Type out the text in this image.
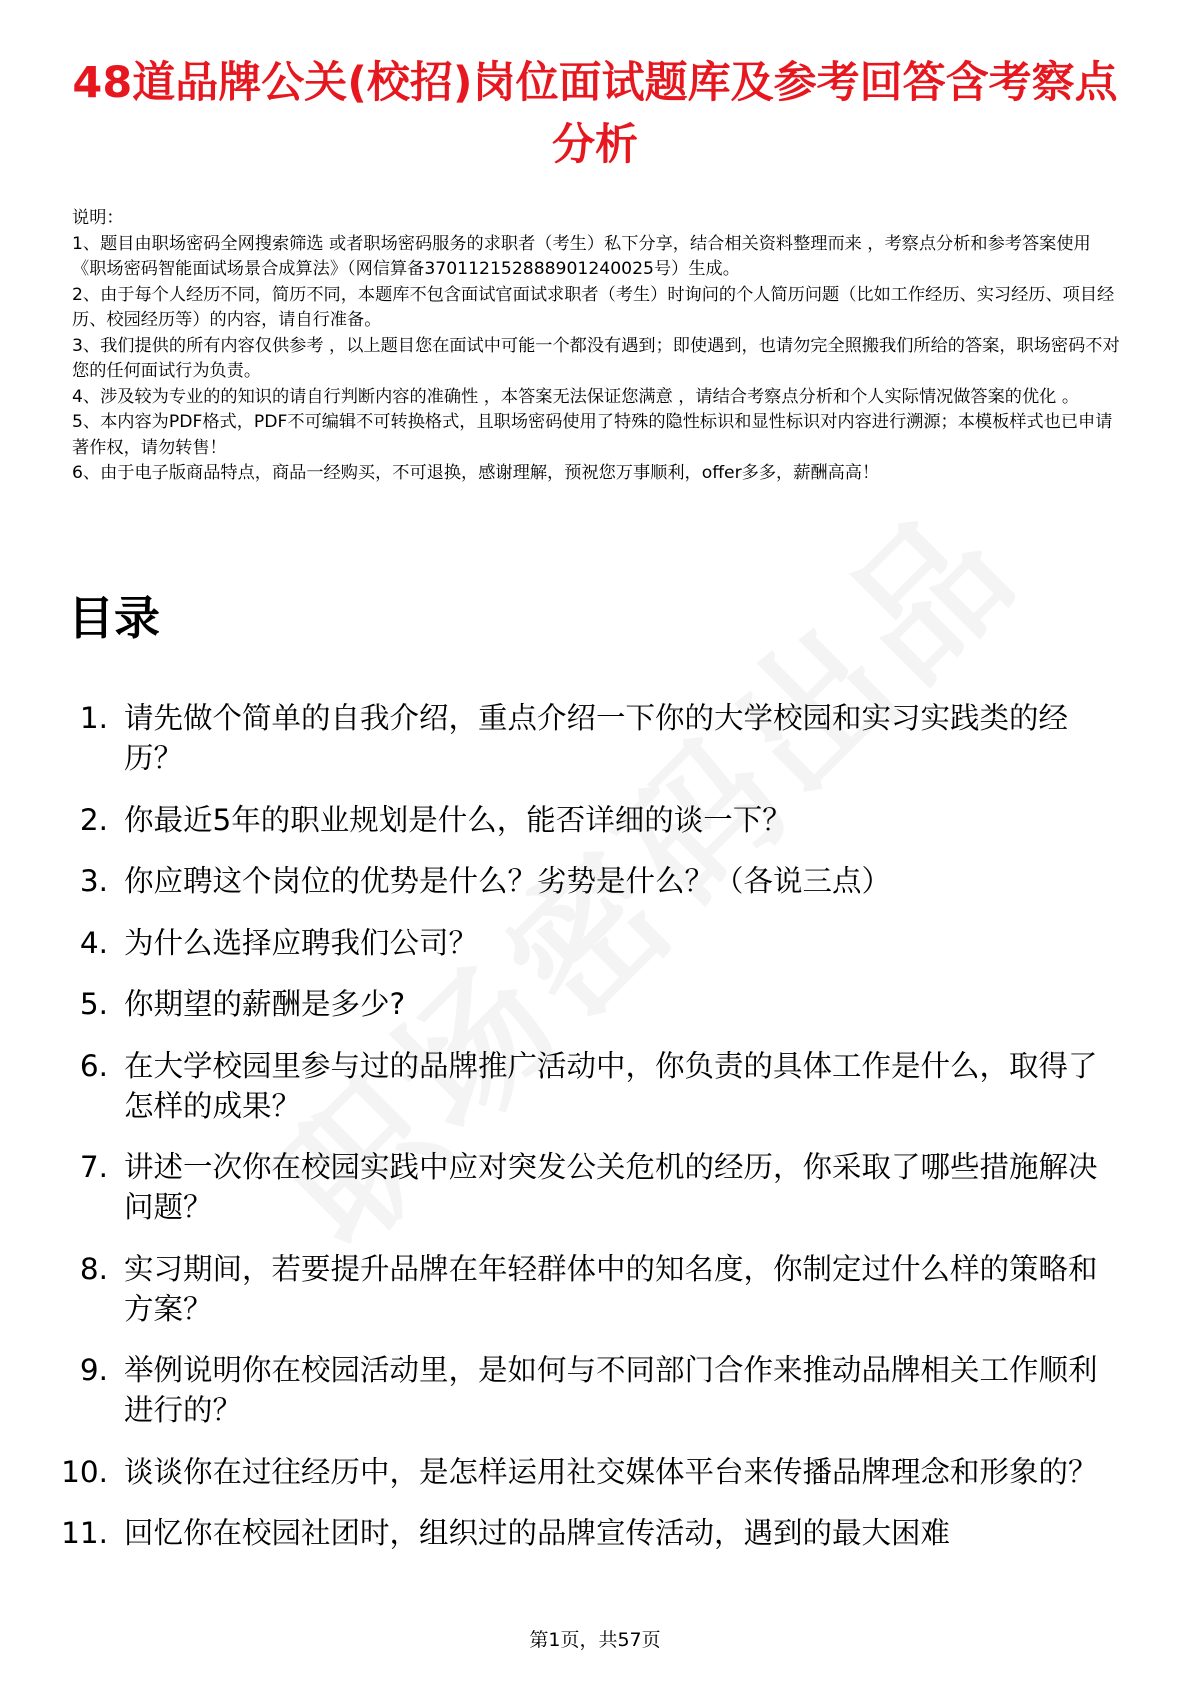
48道品牌公关(校招)岗位面试题库及参考回答含考察点分析

说明：

1、题目由职场密码全网搜索筛选 或者职场密码服务的求职者（考生）私下分享，结合相关资料整理而来 ，考察点分析和参考答案使用《职场密码智能面试场景合成算法》（网信算备370112152888901240025号）生成。

2、由于每个人经历不同，简历不同，本题库不包含面试官面试求职者（考生）时询问的个人简历问题（比如工作经历、实习经历、项目经历、校园经历等）的内容，请自行准备。

3、我们提供的所有内容仅供参考 ，以上题目您在面试中可能一个都没有遇到；即使遇到，也请勿完全照搬我们所给的答案，职场密码不对您的任何面试行为负责。

4、涉及较为专业的的知识的请自行判断内容的准确性 ，本答案无法保证您满意 ，请结合考察点分析和个人实际情况做答案的优化 。

5、本内容为PDF格式，PDF不可编辑不可转换格式，且职场密码使用了特殊的隐性标识和显性标识对内容进行溯源；本模板样式也已申请著作权，请勿转售！

6、由于电子版商品特点，商品一经购买，不可退换，感谢理解，预祝您万事顺利，offer多多，薪酬高高！

目录
1. 请先做个简单的自我介绍，重点介绍一下你的大学校园和实习实践类的经历？
2. 你最近5年的职业规划是什么，能否详细的谈一下？
3. 你应聘这个岗位的优势是什么？劣势是什么？（各说三点）
4. 为什么选择应聘我们公司？
5. 你期望的薪酬是多少?
6. 在大学校园里参与过的品牌推广活动中，你负责的具体工作是什么，取得了怎样的成果？
7. 讲述一次你在校园实践中应对突发公关危机的经历，你采取了哪些措施解决问题？
8. 实习期间，若要提升品牌在年轻群体中的知名度，你制定过什么样的策略和方案？
9. 举例说明你在校园活动里，是如何与不同部门合作来推动品牌相关工作顺利进行的？
10. 谈谈你在过往经历中，是怎样运用社交媒体平台来传播品牌理念和形象的？
11. 回忆你在校园社团时，组织过的品牌宣传活动，遇到的最大困难
第1页，共57页
